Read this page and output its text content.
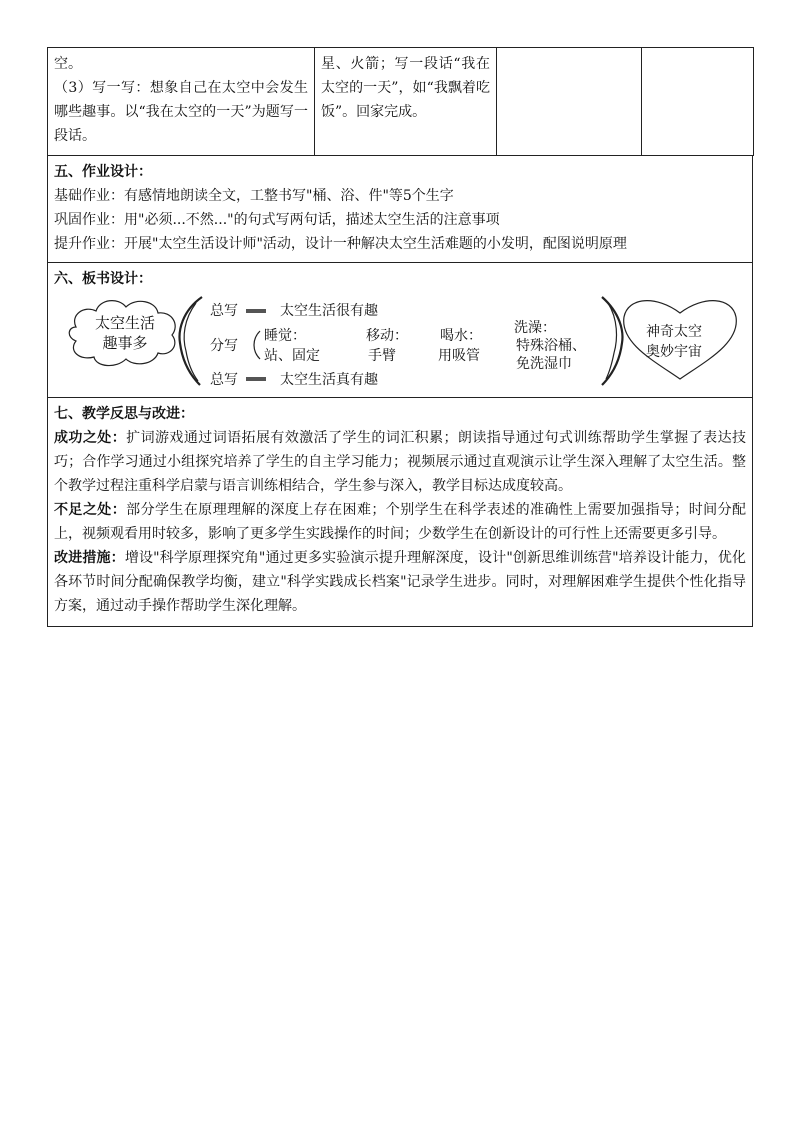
空。
（3）写一写：想象自己在太空中会发生哪些趣事。以“我在太空的一天”为题写一段话。

星、火箭；写一段话“我在太空的一天”，如“我飘着吃饭”。回家完成。

五、作业设计：
基础作业：有感情地朗读全文，工整书写"桶、浴、件"等5个生字
巩固作业：用"必须...不然..."的句式写两句话，描述太空生活的注意事项
提升作业：开展"太空生活设计师"活动，设计一种解决太空生活难题的小发明，配图说明原理
六、板书设计：
太空生活
趣事多
总写	太空生活很有趣
分写
睡觉：
站、固定
移动：
手臂
喝水：
用吸管
洗澡：
特殊浴桶、
免洗湿巾
总写	太空生活真有趣
神奇太空
奥妙宇宙
七、教学反思与改进：

成功之处：扩词游戏通过词语拓展有效激活了学生的词汇积累；朗读指导通过句式训练帮助学生掌握了表达技巧；合作学习通过小组探究培养了学生的自主学习能力；视频展示通过直观演示让学生深入理解了太空生活。整个教学过程注重科学启蒙与语言训练相结合，学生参与深入，教学目标达成度较高。

不足之处：部分学生在原理理解的深度上存在困难；个别学生在科学表述的准确性上需要加强指导；时间分配上，视频观看用时较多，影响了更多学生实践操作的时间；少数学生在创新设计的可行性上还需要更多引导。

改进措施：增设"科学原理探究角"通过更多实验演示提升理解深度，设计"创新思维训练营"培养设计能力，优化各环节时间分配确保教学均衡，建立"科学实践成长档案"记录学生进步。同时，对理解困难学生提供个性化指导方案，通过动手操作帮助学生深化理解。
